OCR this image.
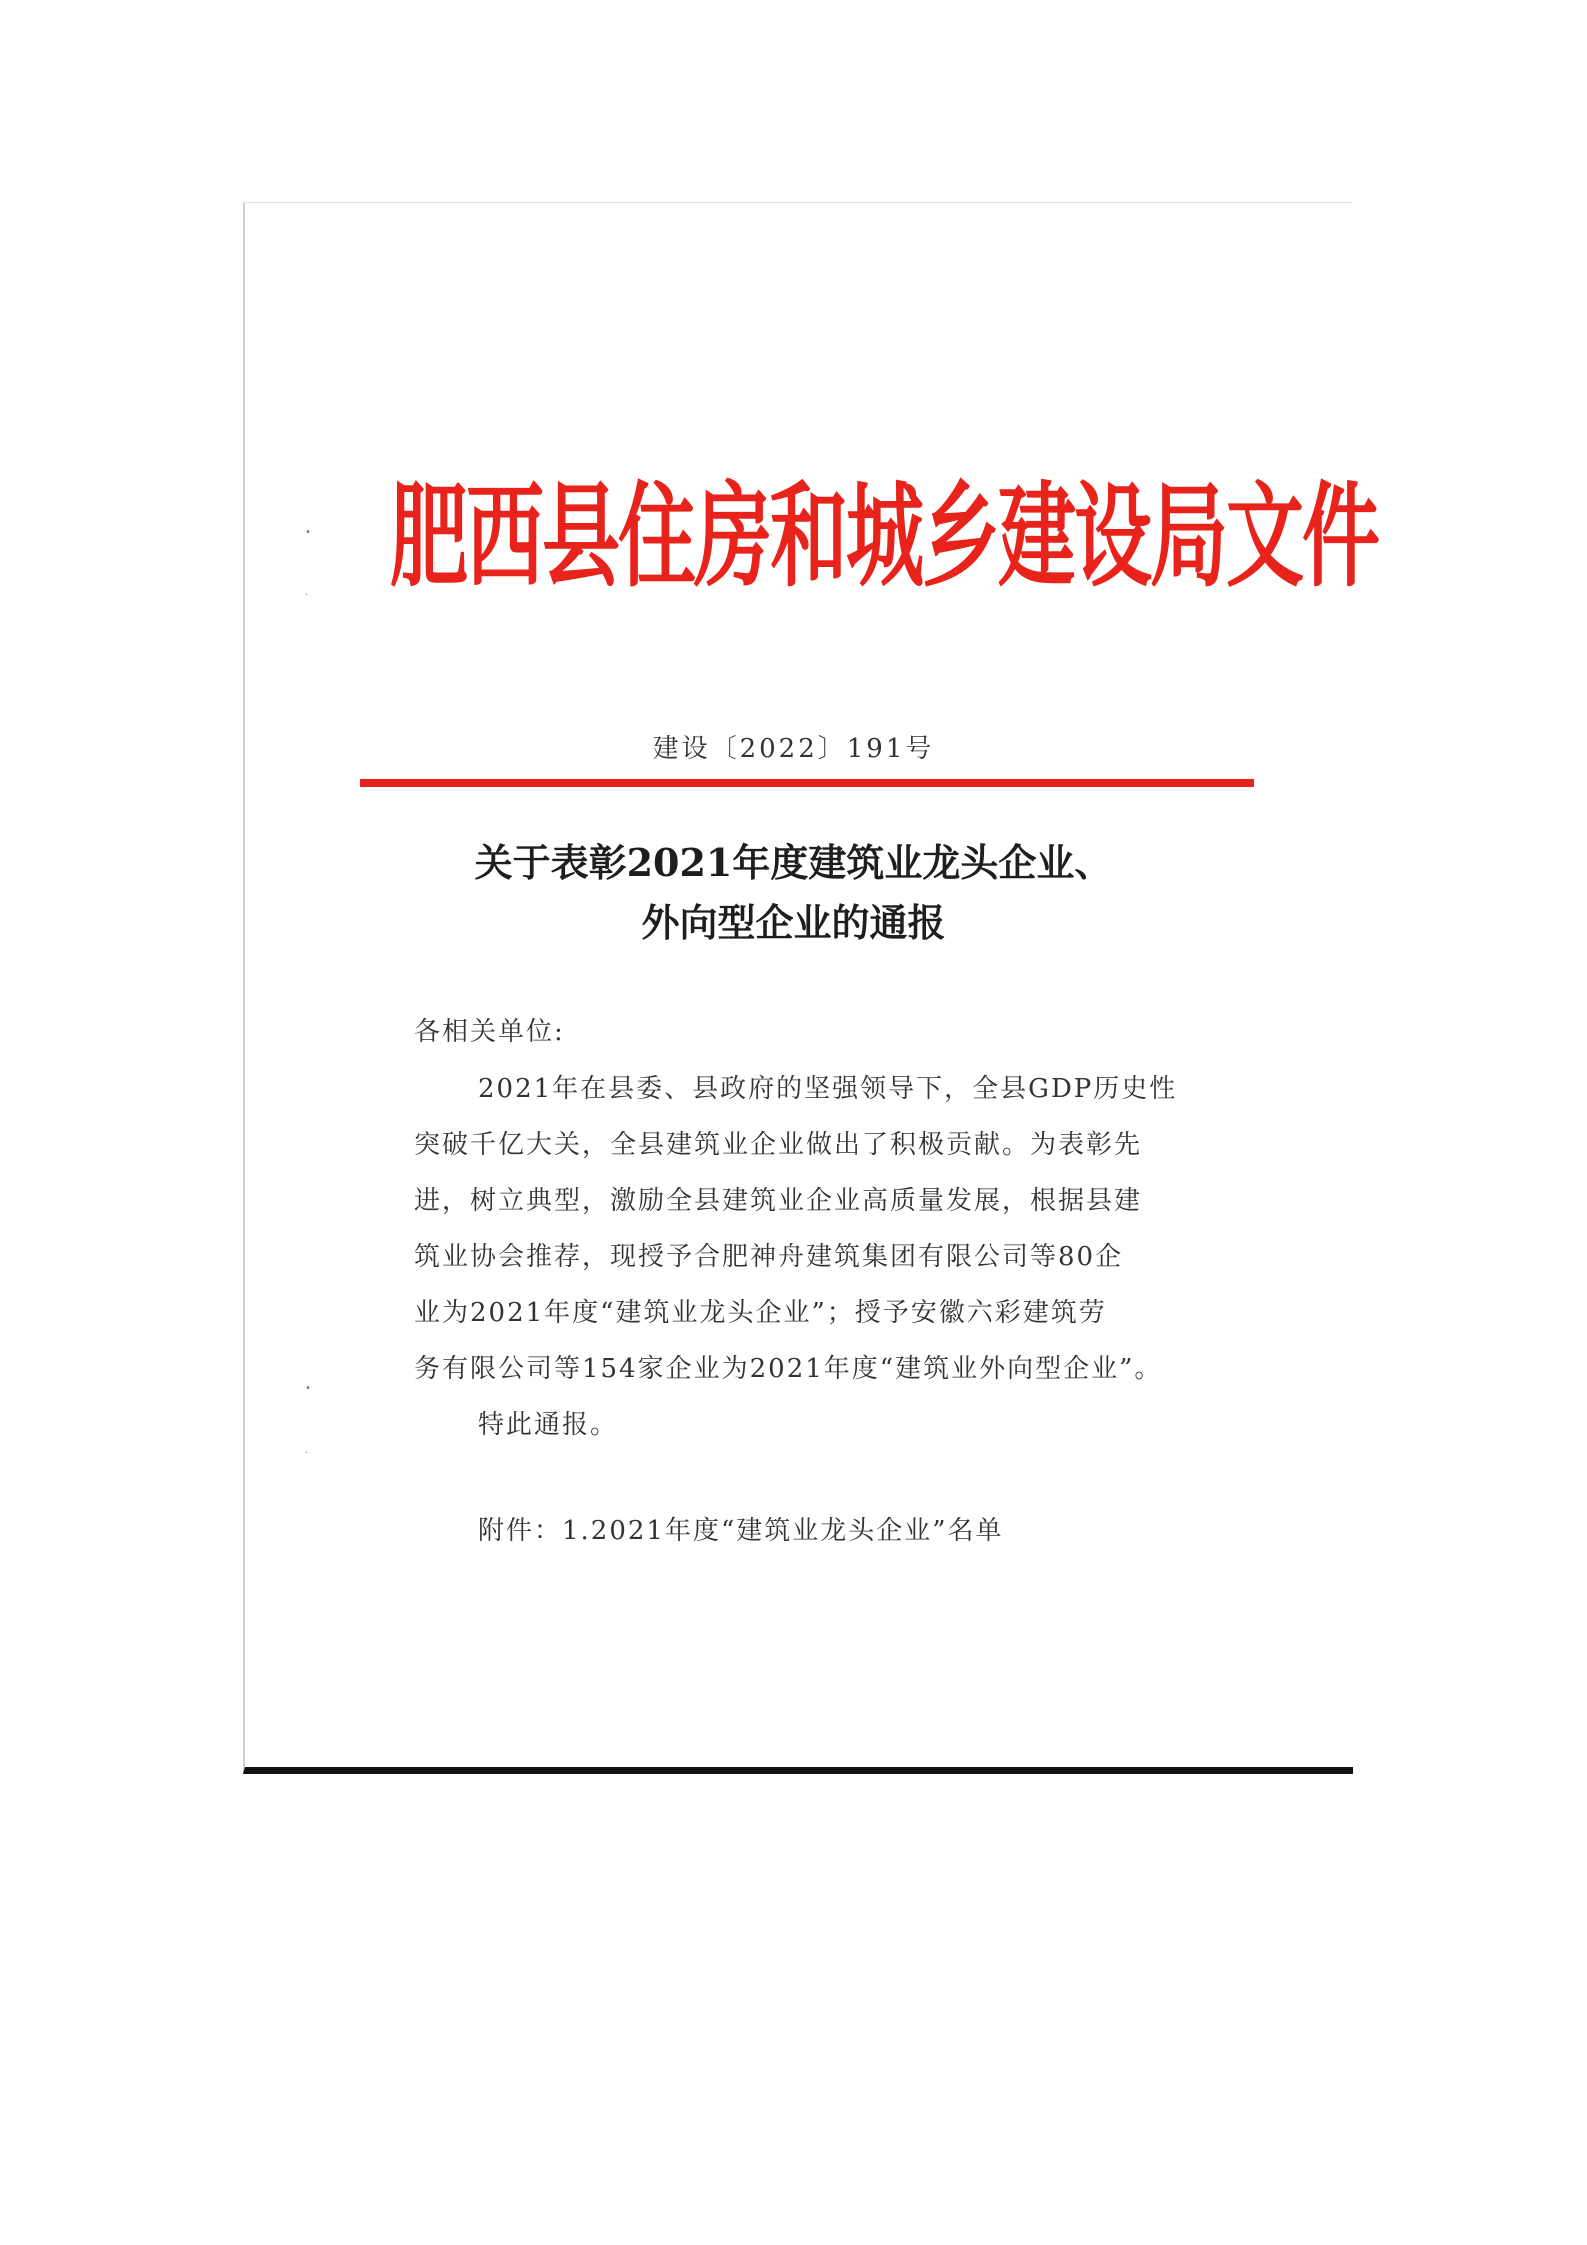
•
·
•
·
肥西县住房和城乡建设局文件
建设〔2022〕191号
关于表彰2021年度建筑业龙头企业、
外向型企业的通报
各相关单位:

2021年在县委、县政府的坚强领导下，全县GDP历史性
突破千亿大关，全县建筑业企业做出了积极贡献。为表彰先
进，树立典型，激励全县建筑业企业高质量发展，根据县建
筑业协会推荐，现授予合肥神舟建筑集团有限公司等80企
业为2021年度“建筑业龙头企业”；授予安徽六彩建筑劳
务有限公司等154家企业为2021年度“建筑业外向型企业”。

特此通报。
附件：1.2021年度“建筑业龙头企业”名单
